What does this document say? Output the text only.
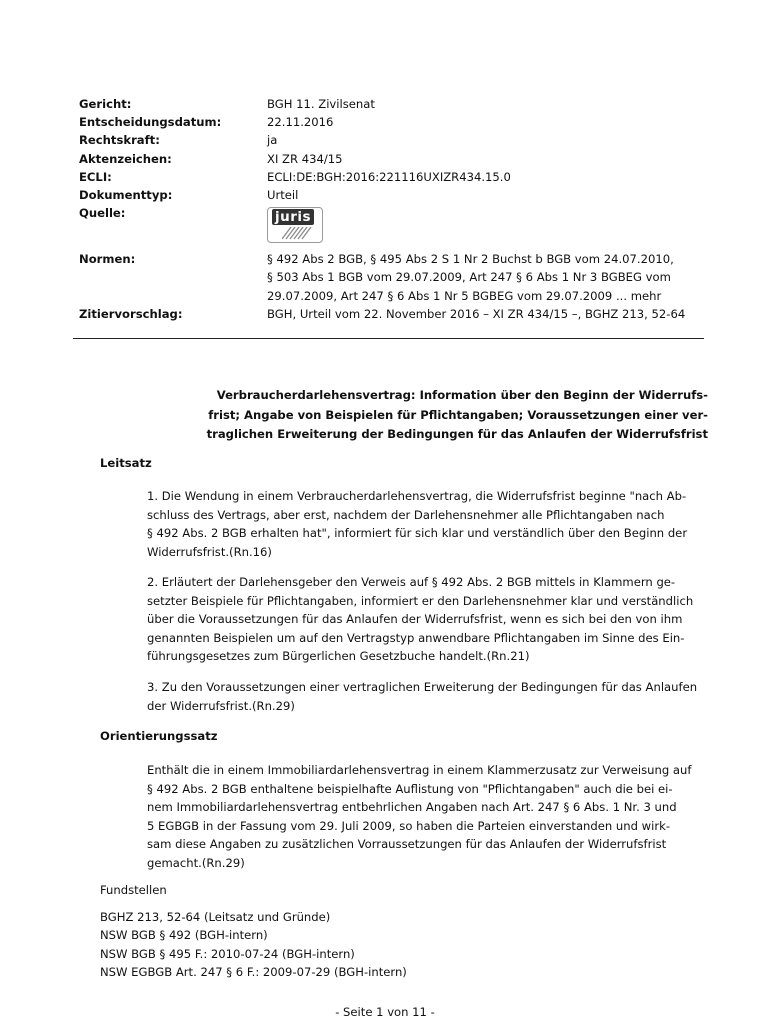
Gericht:	BGH 11. Zivilsenat
Entscheidungsdatum:	22.11.2016
Rechtskraft:	ja
Aktenzeichen:	XI ZR 434/15
ECLI:	ECLI:DE:BGH:2016:221116UXIZR434.15.0
Dokumenttyp:	Urteil
Quelle:	juris
Normen:	§ 492 Abs 2 BGB, § 495 Abs 2 S 1 Nr 2 Buchst b BGB vom 24.07.2010,
§ 503 Abs 1 BGB vom 29.07.2009, Art 247 § 6 Abs 1 Nr 3 BGBEG vom
29.07.2009, Art 247 § 6 Abs 1 Nr 5 BGBEG vom 29.07.2009 ... mehr
Zitiervorschlag:	BGH, Urteil vom 22. November 2016 – XI ZR 434/15 –, BGHZ 213, 52-64
Verbraucherdarlehensvertrag: Information über den Beginn der Widerrufs-
frist; Angabe von Beispielen für Pflichtangaben; Voraussetzungen einer ver-
traglichen Erweiterung der Bedingungen für das Anlaufen der Widerrufsfrist
Leitsatz
1. Die Wendung in einem Verbraucherdarlehensvertrag, die Widerrufsfrist beginne "nach Ab-
schluss des Vertrags, aber erst, nachdem der Darlehensnehmer alle Pflichtangaben nach
§ 492 Abs. 2 BGB erhalten hat", informiert für sich klar und verständlich über den Beginn der
Widerrufsfrist.(Rn.16)
2. Erläutert der Darlehensgeber den Verweis auf § 492 Abs. 2 BGB mittels in Klammern ge-
setzter Beispiele für Pflichtangaben, informiert er den Darlehensnehmer klar und verständlich
über die Voraussetzungen für das Anlaufen der Widerrufsfrist, wenn es sich bei den von ihm
genannten Beispielen um auf den Vertragstyp anwendbare Pflichtangaben im Sinne des Ein-
führungsgesetzes zum Bürgerlichen Gesetzbuche handelt.(Rn.21)
3. Zu den Voraussetzungen einer vertraglichen Erweiterung der Bedingungen für das Anlaufen
der Widerrufsfrist.(Rn.29)
Orientierungssatz
Enthält die in einem Immobiliardarlehensvertrag in einem Klammerzusatz zur Verweisung auf
§ 492 Abs. 2 BGB enthaltene beispielhafte Auflistung von "Pflichtangaben" auch die bei ei-
nem Immobiliardarlehensvertrag entbehrlichen Angaben nach Art. 247 § 6 Abs. 1 Nr. 3 und
5 EGBGB in der Fassung vom 29. Juli 2009, so haben die Parteien einverstanden und wirk-
sam diese Angaben zu zusätzlichen Vorraussetzungen für das Anlaufen der Widerrufsfrist
gemacht.(Rn.29)
Fundstellen
BGHZ 213, 52-64 (Leitsatz und Gründe)
NSW BGB § 492 (BGH-intern)
NSW BGB § 495 F.: 2010-07-24 (BGH-intern)
NSW EGBGB Art. 247 § 6 F.: 2009-07-29 (BGH-intern)
- Seite 1 von 11 -
